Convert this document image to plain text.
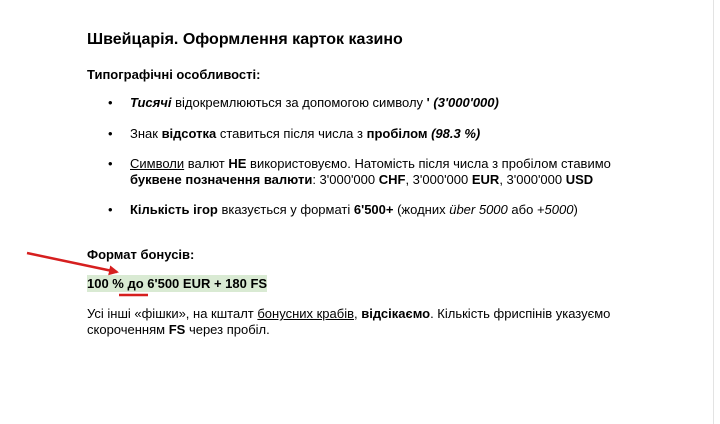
Швейцарія. Оформлення карток казино
Типографічні особливості:
• Тисячі відокремлюються за допомогою символу ' (3'000'000)
• Знак відсотка ставиться після числа з пробілом (98.3 %)
• Символи валют НЕ використовуємо. Натомість після числа з пробілом ставимо
буквене позначення валюти: 3'000'000 CHF, 3'000'000 EUR, 3'000'000 USD
• Кількість ігор вказується у форматі 6'500+ (жодних über 5000 або +5000)
Формат бонусів:
100 % до 6'500 EUR + 180 FS
Усі інші «фішки», на кшталт бонусних крабів, відсікаємо. Кількість фриспінів указуємо
скороченням FS через пробіл.
